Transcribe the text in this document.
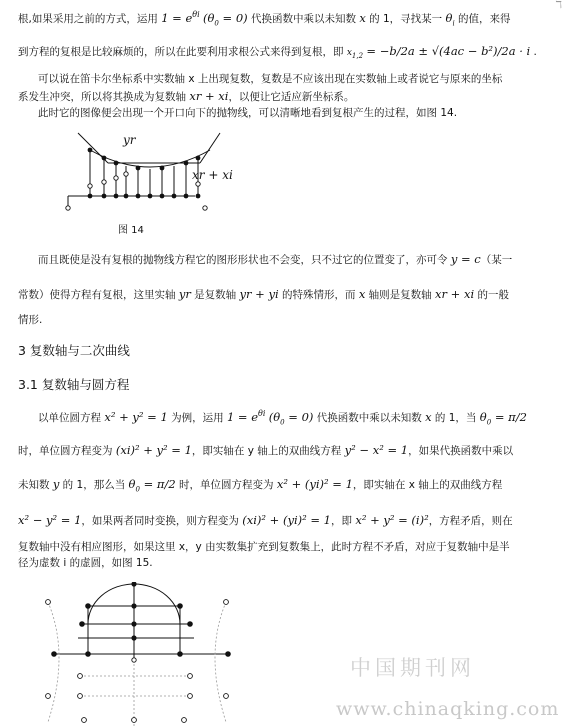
ℸ
根,如果采用之前的方式，运用 $1 = e^{\theta i}$ $(\theta_0 = 0)$ 代换函数中乘以未知数 x 的 1，寻找某一 $\theta_i$ 的值，来得
到方程的复根是比较麻烦的，所以在此要利用求根公式来得到复根，即 $x_{1,2} = -b/2a \pm √(4ac - b^2)/2a \cdot i$ .
可以说在笛卡尔坐标系中实数轴 x 上出现复数，复数是不应该出现在实数轴上或者说它与原来的坐标
系发生冲突，所以将其换成为复数轴 xr + xi，以便让它适应新坐标系。
此时它的图像便会出现一个开口向下的抛物线，可以清晰地看到复根产生的过程，如图 14.
yr
xr + xi
图 14
而且既使是没有复根的抛物线方程它的图形形状也不会变，只不过它的位置变了，亦可令 y = c（某一
常数）使得方程有复根，这里实轴 yr 是复数轴 yr + yi 的特殊情形，而 x 轴则是复数轴 xr + xi 的一般
情形.
3 复数轴与二次曲线
3.1 复数轴与圆方程
以单位圆方程 x² + y² = 1 为例，运用 $1 = e^{\theta i}$ $(\theta_0 = 0)$ 代换函数中乘以未知数 x 的 1，当 $\theta_0 = \pi/2$
时，单位圆方程变为 (xi)² + y² = 1，即实轴在 y 轴上的双曲线方程 y² − x² = 1，如果代换函数中乘以
未知数 y 的 1，那么当 $\theta_0 = \pi/2$ 时，单位圆方程变为 x² + (yi)² = 1，即实轴在 x 轴上的双曲线方程
x² − y² = 1，如果两者同时变换，则方程变为 (xi)² + (yi)² = 1，即 x² + y² = (i)²，方程矛盾，则在
复数轴中没有相应图形，如果这里 x，y 由实数集扩充到复数集上，此时方程不矛盾，对应于复数轴中是半
径为虚数 i 的虚圆，如图 15.
中国期刊网
www.chinaqking.com
